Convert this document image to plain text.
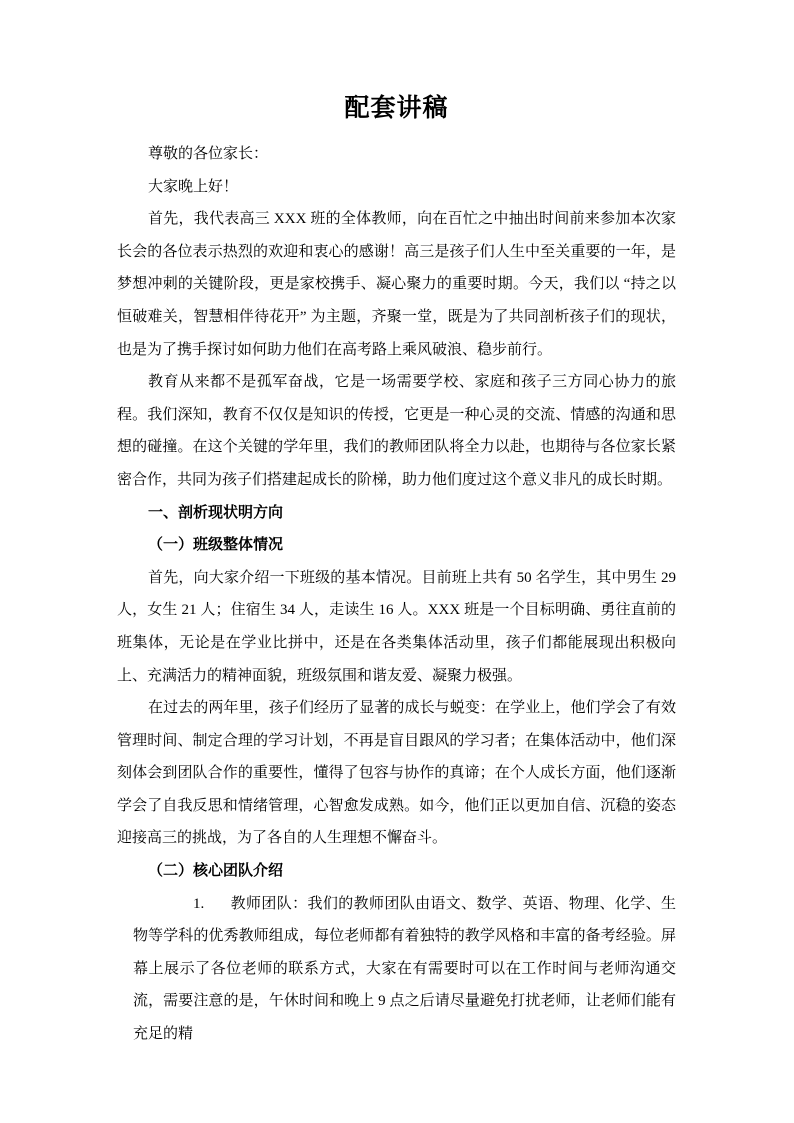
配套讲稿

尊敬的各位家长：

大家晚上好！

首先，我代表高三 XXX 班的全体教师，向在百忙之中抽出时间前来参加本次家长会的各位表示热烈的欢迎和衷心的感谢！高三是孩子们人生中至关重要的一年，是梦想冲刺的关键阶段，更是家校携手、凝心聚力的重要时期。今天，我们以 “持之以恒破难关，智慧相伴待花开” 为主题，齐聚一堂，既是为了共同剖析孩子们的现状，也是为了携手探讨如何助力他们在高考路上乘风破浪、稳步前行。

教育从来都不是孤军奋战，它是一场需要学校、家庭和孩子三方同心协力的旅程。我们深知，教育不仅仅是知识的传授，它更是一种心灵的交流、情感的沟通和思想的碰撞。在这个关键的学年里，我们的教师团队将全力以赴，也期待与各位家长紧密合作，共同为孩子们搭建起成长的阶梯，助力他们度过这个意义非凡的成长时期。

一、剖析现状明方向

（一）班级整体情况

首先，向大家介绍一下班级的基本情况。目前班上共有 50 名学生，其中男生 29 人，女生 21 人；住宿生 34 人，走读生 16 人。XXX 班是一个目标明确、勇往直前的班集体，无论是在学业比拼中，还是在各类集体活动里，孩子们都能展现出积极向上、充满活力的精神面貌，班级氛围和谐友爱、凝聚力极强。

在过去的两年里，孩子们经历了显著的成长与蜕变：在学业上，他们学会了有效管理时间、制定合理的学习计划，不再是盲目跟风的学习者；在集体活动中，他们深刻体会到团队合作的重要性，懂得了包容与协作的真谛；在个人成长方面，他们逐渐学会了自我反思和情绪管理，心智愈发成熟。如今，他们正以更加自信、沉稳的姿态迎接高三的挑战，为了各自的人生理想不懈奋斗。

（二）核心团队介绍

1. 教师团队：我们的教师团队由语文、数学、英语、物理、化学、生物等学科的优秀教师组成，每位老师都有着独特的教学风格和丰富的备考经验。屏幕上展示了各位老师的联系方式，大家在有需要时可以在工作时间与老师沟通交流，需要注意的是，午休时间和晚上 9 点之后请尽量避免打扰老师，让老师们能有充足的精
